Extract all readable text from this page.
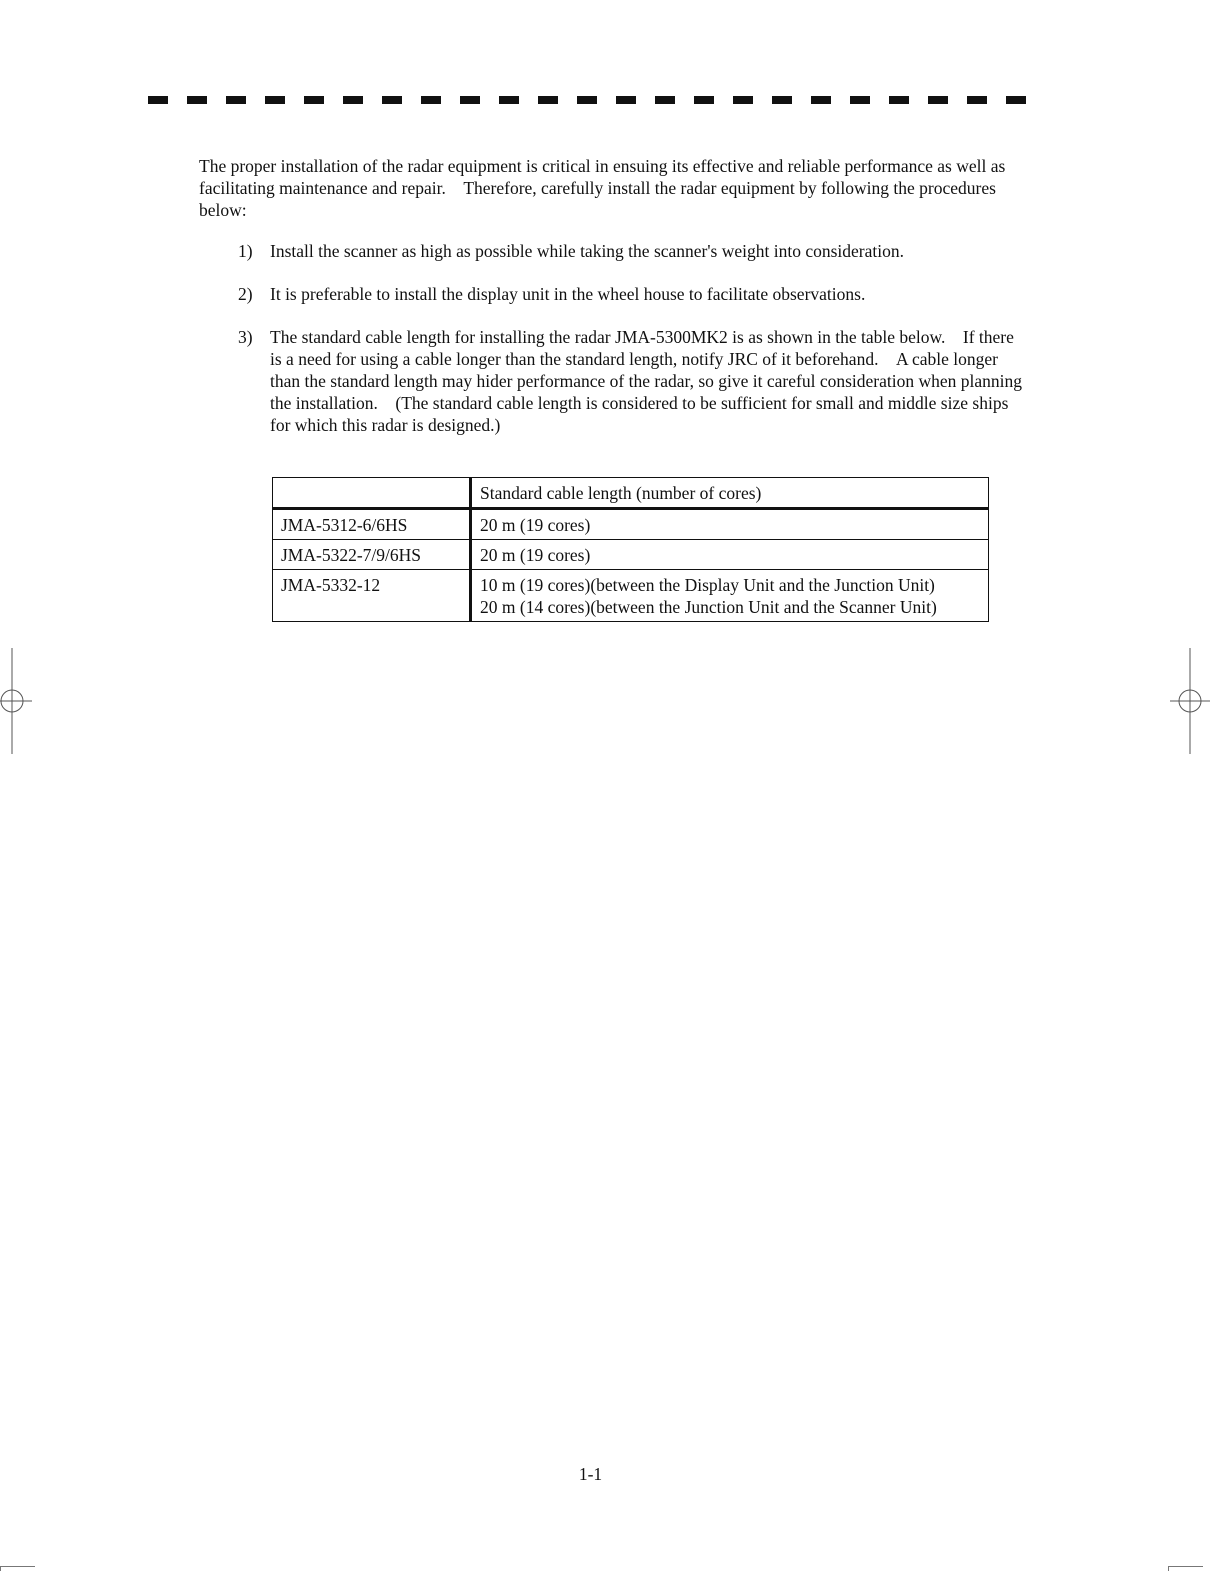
The proper installation of the radar equipment is critical in ensuing its effective and reliable performance as well as facilitating maintenance and repair.    Therefore, carefully install the radar equipment by following the procedures below:

1) Install the scanner as high as possible while taking the scanner's weight into consideration.
2) It is preferable to install the display unit in the wheel house to facilitate observations.
3) The standard cable length for installing the radar JMA-5300MK2 is as shown in the table below.    If there is a need for using a cable longer than the standard length, notify JRC of it beforehand.    A cable longer than the standard length may hider performance of the radar, so give it careful consideration when planning the installation.    (The standard cable length is considered to be sufficient for small and middle size ships for which this radar is designed.)
	Standard cable length (number of cores)
JMA-5312-6/6HS	20 m (19 cores)

JMA-5322-7/9/6HS	20 m (19 cores)

JMA-5332-12	10 m (19 cores)(between the Display Unit and the Junction Unit)
20 m (14 cores)(between the Junction Unit and the Scanner Unit)
1-1
